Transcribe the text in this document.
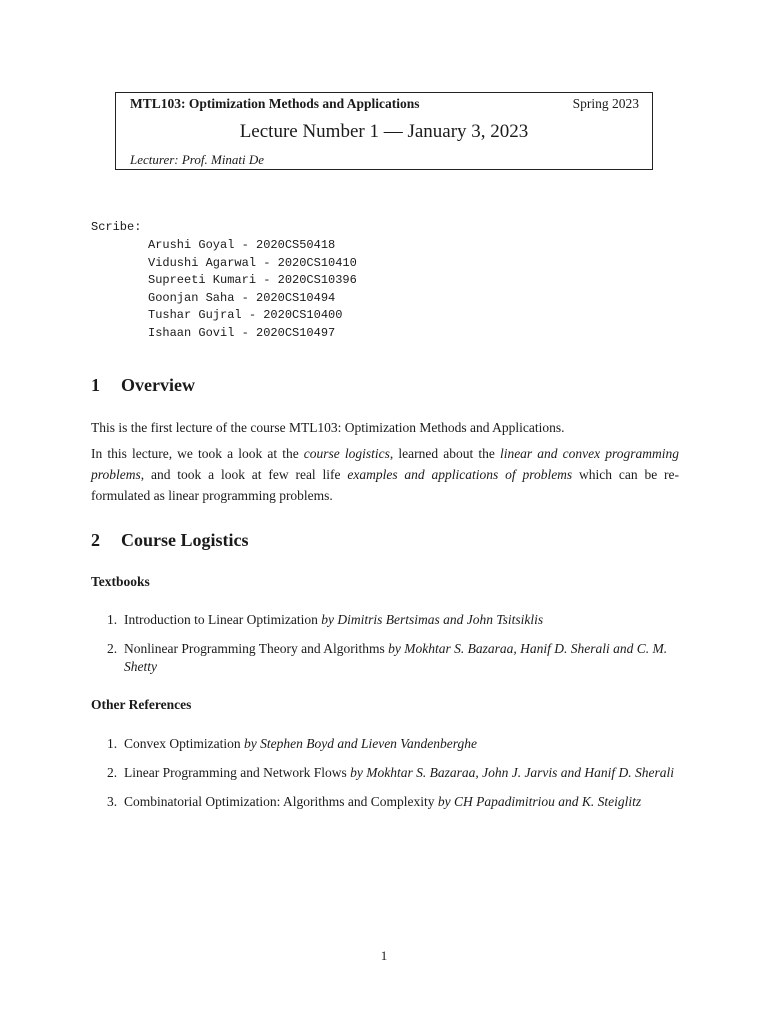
MTL103: Optimization Methods and Applications	Spring 2023
Lecture Number 1 — January 3, 2023
Lecturer: Prof. Minati De
Scribe:
Arushi Goyal - 2020CS50418
Vidushi Agarwal - 2020CS10410
Supreeti Kumari - 2020CS10396
Goonjan Saha - 2020CS10494
Tushar Gujral - 2020CS10400
Ishaan Govil - 2020CS10497
1 Overview
This is the first lecture of the course MTL103: Optimization Methods and Applications.
In this lecture, we took a look at the course logistics, learned about the linear and convex programming problems, and took a look at few real life examples and applications of problems which can be re-formulated as linear programming problems.
2 Course Logistics
Textbooks
1. Introduction to Linear Optimization by Dimitris Bertsimas and John Tsitsiklis
2. Nonlinear Programming Theory and Algorithms by Mokhtar S. Bazaraa, Hanif D. Sherali and C. M. Shetty
Other References
1. Convex Optimization by Stephen Boyd and Lieven Vandenberghe
2. Linear Programming and Network Flows by Mokhtar S. Bazaraa, John J. Jarvis and Hanif D. Sherali
3. Combinatorial Optimization: Algorithms and Complexity by CH Papadimitriou and K. Steiglitz
1
